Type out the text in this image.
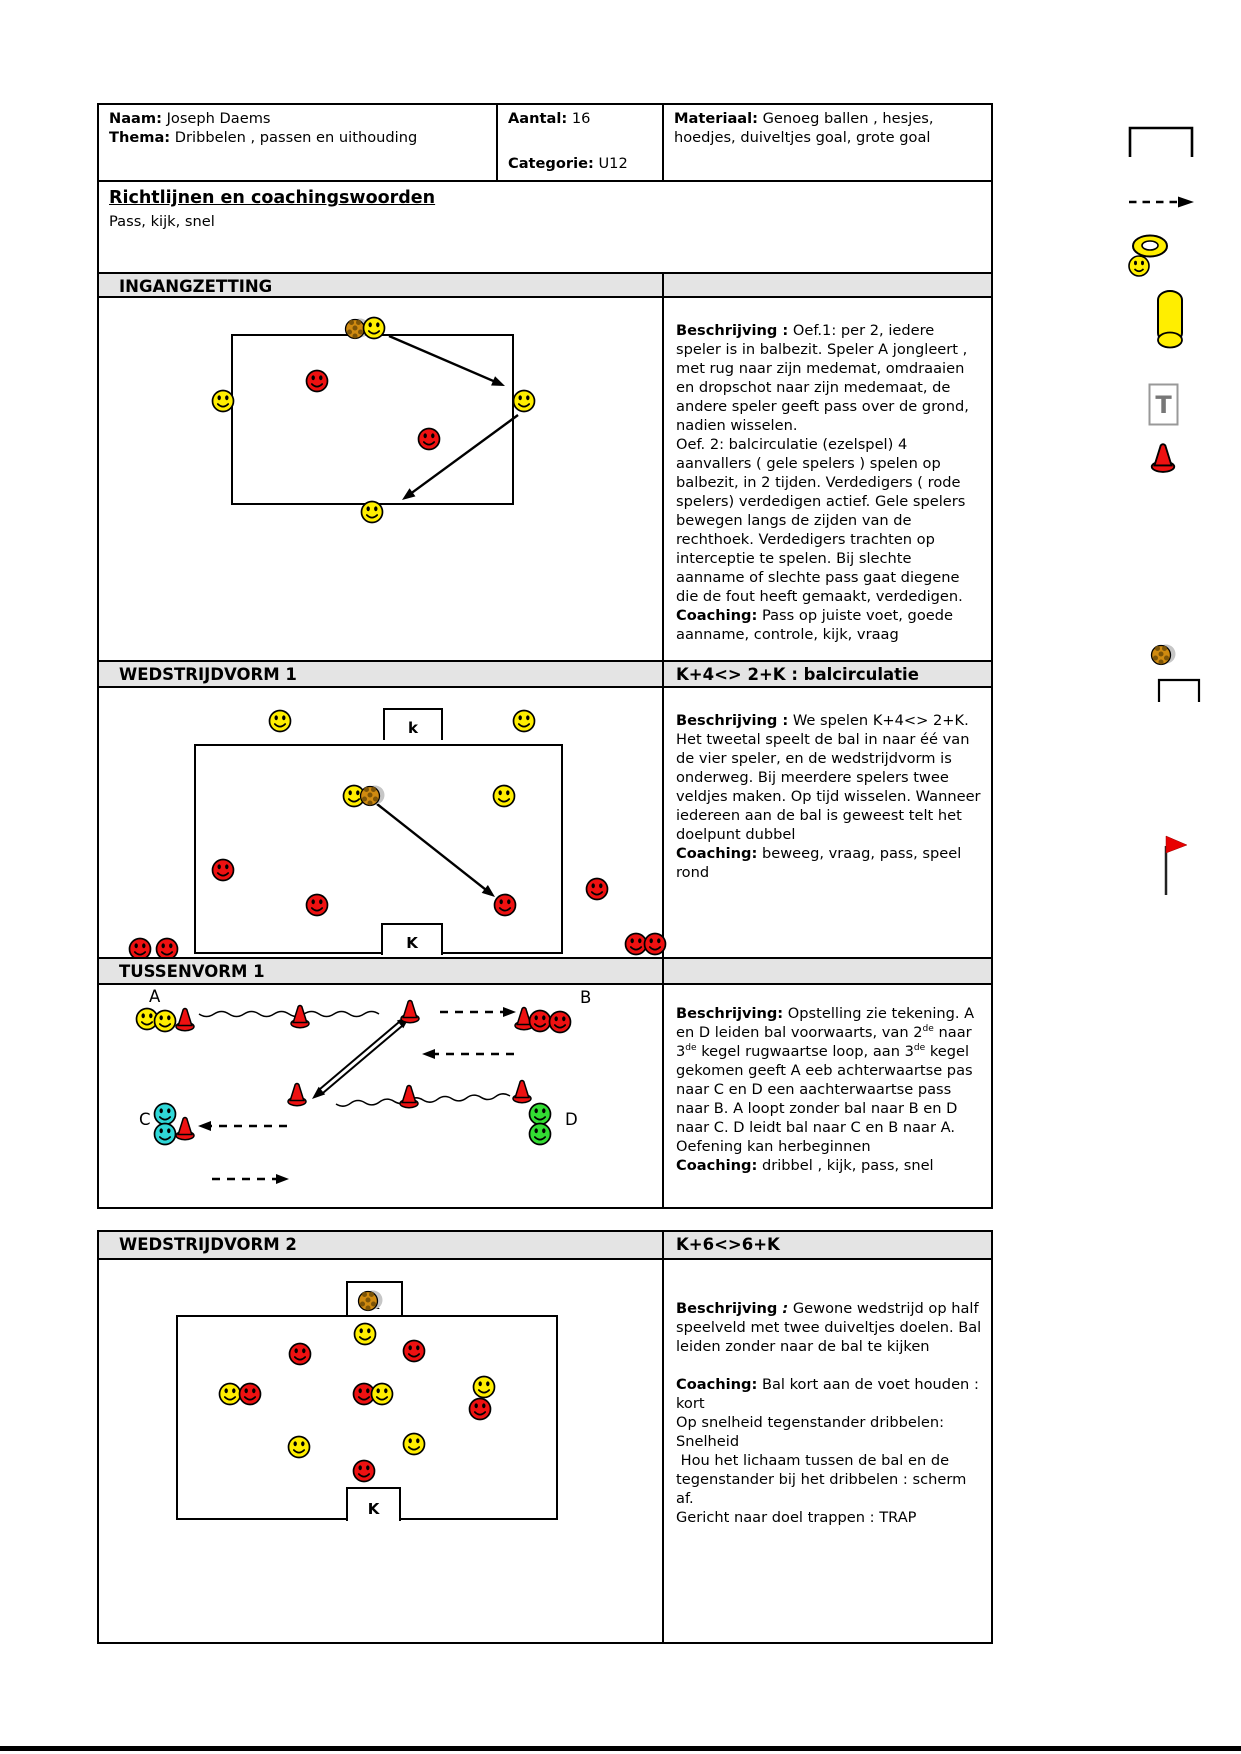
Naam: Joseph Daems
Thema: Dribbelen , passen en uithouding
Aantal: 16
Categorie: U12
Materiaal: Genoeg ballen , hesjes, hoedjes, duiveltjes goal, grote goal
Richtlijnen en coachingswoorden
Pass, kijk, snel
INGANGZETTING
Beschrijving : Oef.1: per 2, iedere speler is in balbezit. Speler A jongleert , met rug naar zijn medemat, omdraaien en dropschot naar zijn medemaat, de andere speler geeft pass over de grond, nadien wisselen.
Oef. 2: balcirculatie (ezelspel) 4 aanvallers ( gele spelers ) spelen op balbezit, in 2 tijden. Verdedigers ( rode spelers) verdedigen actief. Gele spelers bewegen langs de zijden van de rechthoek. Verdedigers trachten op interceptie te spelen. Bij slechte aanname of slechte pass gaat diegene die de fout heeft gemaakt, verdedigen.
Coaching: Pass op juiste voet, goede aanname, controle, kijk, vraag
WEDSTRIJDVORM 1	K+4<> 2+K : balcirculatie
k
K
Beschrijving : We spelen K+4<> 2+K. Het tweetal speelt de bal in naar éé van de vier speler, en de wedstrijdvorm is onderweg. Bij meerdere spelers twee veldjes maken. Op tijd wisselen. Wanneer iedereen aan de bal is geweest telt het doelpunt dubbel
Coaching: beweeg, vraag, pass, speel rond
TUSSENVORM 1
A	B
C	D
Beschrijving: Opstelling zie tekening. A en D leiden bal voorwaarts, van 2de naar 3de kegel rugwaartse loop, aan 3de kegel gekomen geeft A eeb achterwaartse pas naar C en D een aachterwaartse pass naar B. A loopt zonder bal naar B en D  naar C. D leidt bal naar C en B naar A. Oefening kan herbeginnen
Coaching: dribbel , kijk, pass, snel
WEDSTRIJDVORM 2	K+6<>6+K
K
Beschrijving : Gewone wedstrijd op half speelveld met twee duiveltjes doelen. Bal leiden zonder naar de bal te kijken

Coaching: Bal kort aan de voet houden : kort
Op snelheid tegenstander dribbelen: Snelheid
Hou het lichaam tussen de bal en de tegenstander bij het dribbelen : scherm af.
Gericht naar doel trappen : TRAP
T
